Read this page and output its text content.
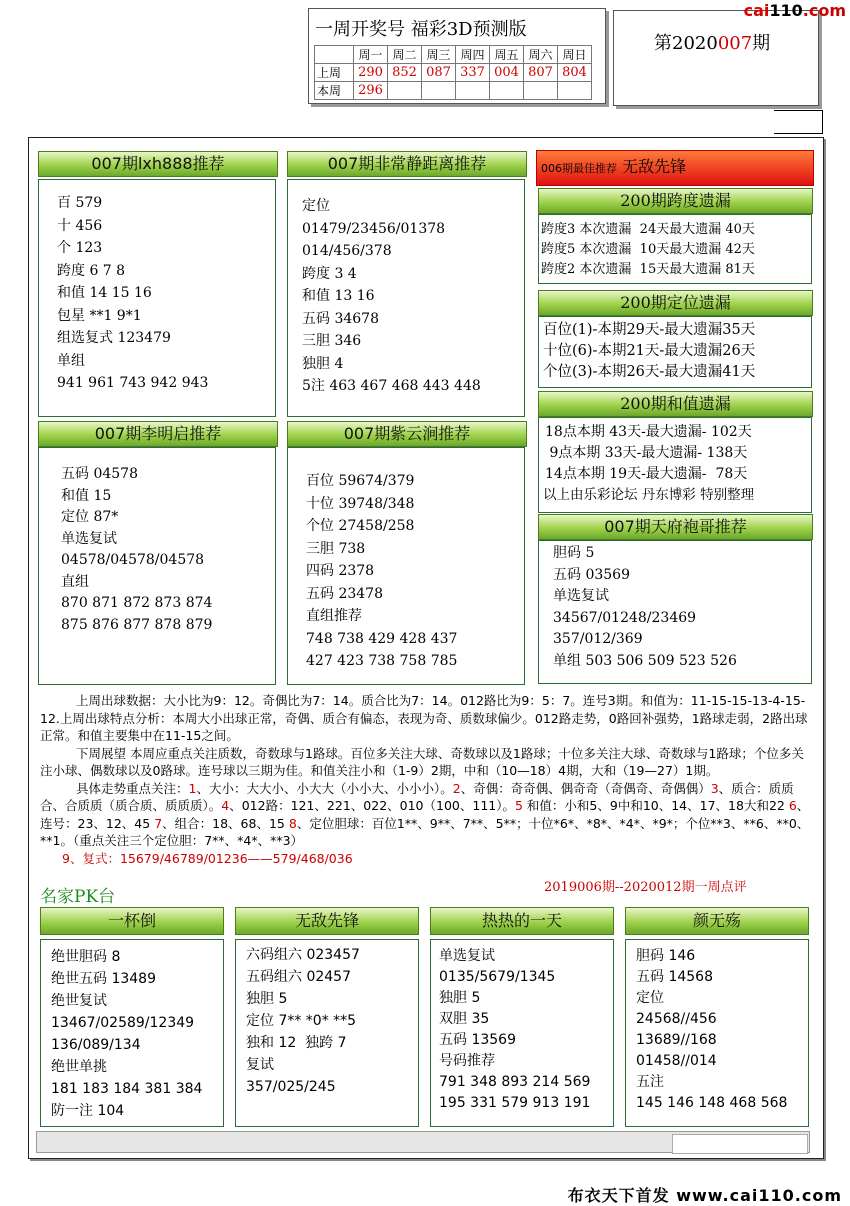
一周开奖号 福彩3D预测版
	周一	周二	周三	周四	周五	周六	周日
上周	290	852	087	337	004	807	804
本周	296						
第2020007期
cai110.com
007期lxh888推荐
百 579
十 456
个 123
跨度 6 7 8
和值 14 15 16
包星 **1 9*1
组选复式 123479
单组
941 961 743 942 943
007期非常静距离推荐
定位
01479/23456/01378
014/456/378
跨度 3 4
和值 13 16
五码 34678
三胆 346
独胆 4
5注 463 467 468 443 448
006期最佳推荐 无敌先锋
200期跨度遗漏
跨度3 本次遗漏  24天最大遗漏 40天
跨度5 本次遗漏  10天最大遗漏 42天
跨度2 本次遗漏  15天最大遗漏 81天
200期定位遗漏
百位(1)-本期29天-最大遗漏35天
十位(6)-本期21天-最大遗漏26天
个位(3)-本期26天-最大遗漏41天
200期和值遗漏
18点本期 43天-最大遗漏- 102天
9点本期 33天-最大遗漏- 138天
14点本期 19天-最大遗漏-  78天
以上由乐彩论坛 丹东博彩 特别整理
007期李明启推荐
五码 04578
和值 15
定位 87*
单选复试
04578/04578/04578
直组
870 871 872 873 874
875 876 877 878 879
007期紫云涧推荐
百位 59674/379
十位 39748/348
个位 27458/258
三胆 738
四码 2378
五码 23478
直组推荐
748 738 429 428 437
427 423 738 758 785
007期天府袍哥推荐
胆码 5
五码 03569
单选复试
34567/01248/23469
357/012/369
单组 503 506 509 523 526

上周出球数据：大小比为9：12。奇偶比为7：14。质合比为7：14。012路比为9：5：7。连号3期。和值为：11-15-15-13-4-15-12.上周出球特点分析：本周大小出球正常，奇偶、质合有偏态，表现为奇、质数球偏少。012路走势，0路回补强势，1路球走弱，2路出球正常。和值主要集中在11-15之间。

下周展望 本周应重点关注质数，奇数球与1路球。百位多关注大球、奇数球以及1路球；十位多关注大球、奇数球与1路球；个位多关注小球、偶数球以及0路球。连号球以三期为佳。和值关注小和（1-9）2期，中和（10—18）4期，大和（19—27）1期。

具体走势重点关注：1、大小：大大小、小大大（小小大、小小小）。2、奇偶：奇奇偶、偶奇奇（奇偶奇、奇偶偶）3、质合：质质合、合质质（质合质、质质质）。4、012路：121、221、022、010（100、111）。5 和值：小和5、9中和10、14、17、18大和22 6、连号：23、12、45 7、组合：18、68、15 8、定位胆球：百位1**、9**、7**、5**；十位*6*、*8*、*4*、*9*；个位**3、**6、**0、**1。（重点关注三个定位胆：7**、*4*、**3）

9、复式：15679/46789/01236——579/468/036

名家PK台	2019006期--2020012期一周点评
一杯倒
绝世胆码 8
绝世五码 13489
绝世复试
13467/02589/12349
136/089/134
绝世单挑
181 183 184 381 384
防一注 104
无敌先锋
六码组六 023457
五码组六 02457
独胆 5
定位 7** *0* **5
独和 12  独跨 7
复试
357/025/245
热热的一天
单选复试
0135/5679/1345
独胆 5
双胆 35
五码 13569
号码推荐
791 348 893 214 569
195 331 579 913 191
颜无殇
胆码 146
五码 14568
定位
24568//456
13689//168
01458//014
五注
145 146 148 468 568
布衣天下首发 www.cai110.com
